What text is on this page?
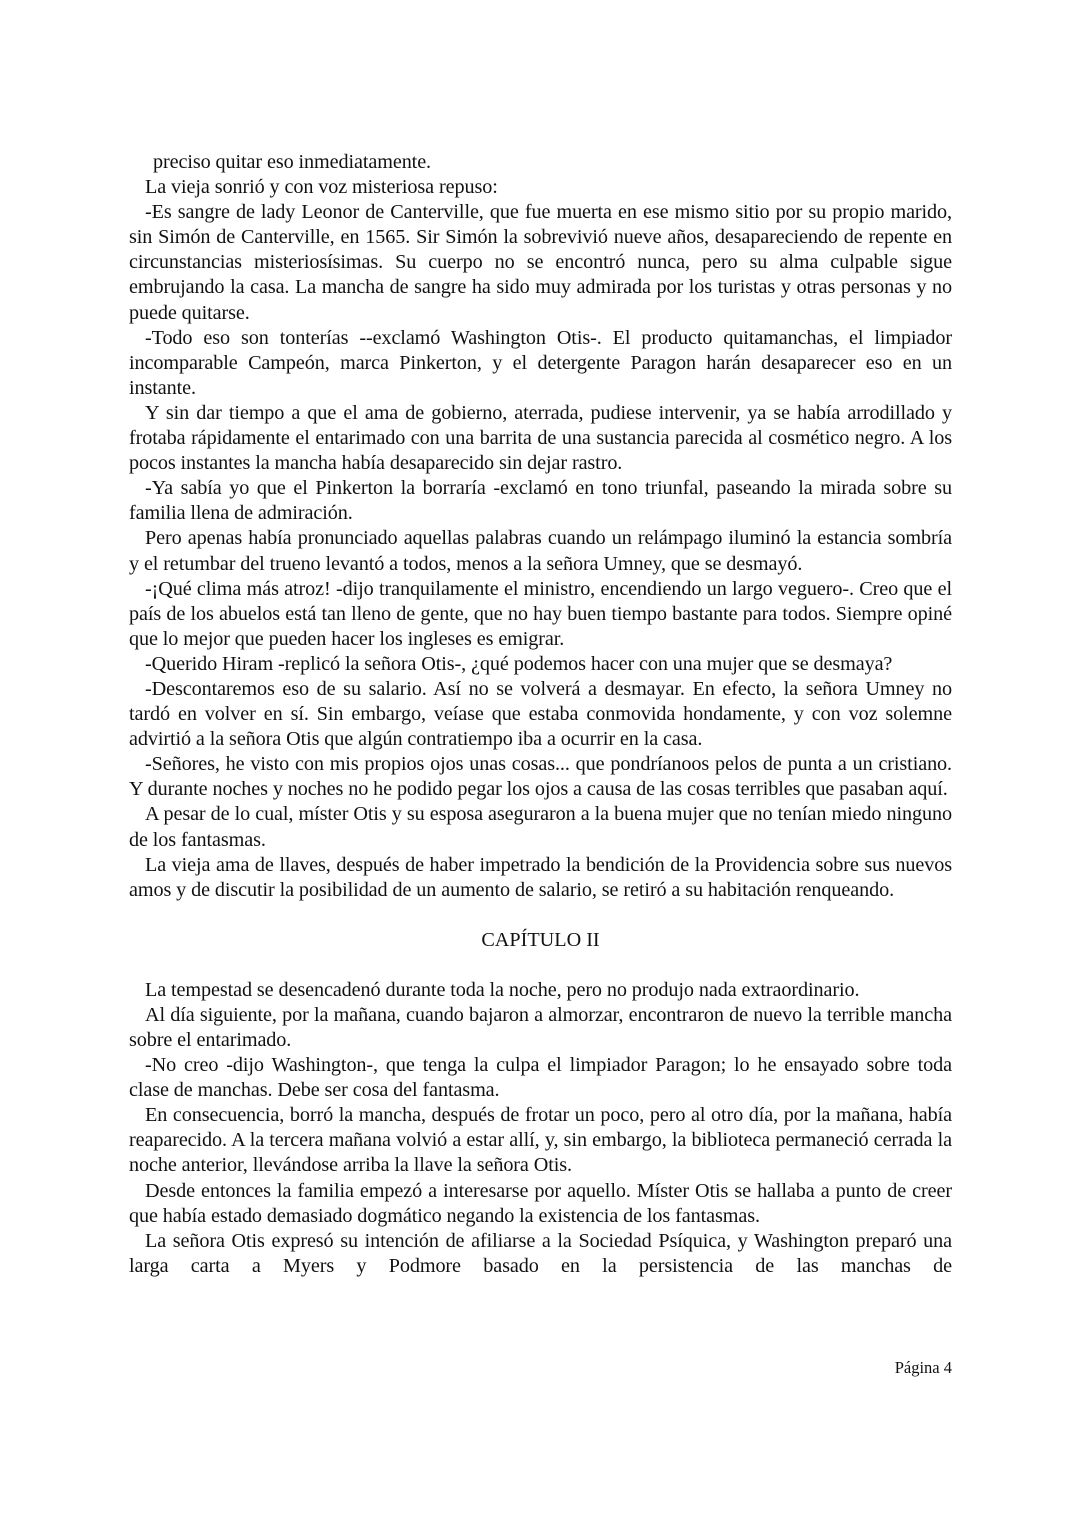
preciso quitar eso inmediatamente.

La vieja sonrió y con voz misteriosa repuso:

-Es sangre de lady Leonor de Canterville, que fue muerta en ese mismo sitio por su propio marido, sin Simón de Canterville, en 1565. Sir Simón la sobrevivió nueve años, desapareciendo de repente en circunstancias misteriosísimas. Su cuerpo no se encontró nunca, pero su alma culpable sigue embrujando la casa. La mancha de sangre ha sido muy admirada por los turistas y otras personas y no puede quitarse.

-Todo eso son tonterías --exclamó Washington Otis-. El producto quitamanchas, el limpiador incomparable Campeón, marca Pinkerton, y el detergente Paragon harán desaparecer eso en un instante.

Y sin dar tiempo a que el ama de gobierno, aterrada, pudiese intervenir, ya se había arrodillado y frotaba rápidamente el entarimado con una barrita de una sustancia parecida al cosmético negro. A los pocos instantes la mancha había desaparecido sin dejar rastro.

-Ya sabía yo que el Pinkerton la borraría -exclamó en tono triunfal, paseando la mirada sobre su familia llena de admiración.

Pero apenas había pronunciado aquellas palabras cuando un relámpago iluminó la estancia sombría y el retumbar del trueno levantó a todos, menos a la señora Umney, que se desmayó.

-¡Qué clima más atroz! -dijo tranquilamente el ministro, encendiendo un largo veguero-. Creo que el país de los abuelos está tan lleno de gente, que no hay buen tiempo bastante para todos. Siempre opiné que lo mejor que pueden hacer los ingleses es emigrar.

-Querido Hiram -replicó la señora Otis-, ¿qué podemos hacer con una mujer que se desmaya?

-Descontaremos eso de su salario. Así no se volverá a desmayar. En efecto, la señora Umney no tardó en volver en sí. Sin embargo, veíase que estaba conmovida hondamente, y con voz solemne advirtió a la señora Otis que algún contratiempo iba a ocurrir en la casa.

-Señores, he visto con mis propios ojos unas cosas... que pondríanoos pelos de punta a un cristiano. Y durante noches y noches no he podido pegar los ojos a causa de las cosas terribles que pasaban aquí.

A pesar de lo cual, míster Otis y su esposa aseguraron a la buena mujer que no tenían miedo ninguno de los fantasmas.

La vieja ama de llaves, después de haber impetrado la bendición de la Providencia sobre sus nuevos amos y de discutir la posibilidad de un aumento de salario, se retiró a su habitación renqueando.

CAPÍTULO II

La tempestad se desencadenó durante toda la noche, pero no produjo nada extraordinario.

Al día siguiente, por la mañana, cuando bajaron a almorzar, encontraron de nuevo la terrible mancha sobre el entarimado.

-No creo -dijo Washington-, que tenga la culpa el limpiador Paragon; lo he ensayado sobre toda clase de manchas. Debe ser cosa del fantasma.

En consecuencia, borró la mancha, después de frotar un poco, pero al otro día, por la mañana, había reaparecido. A la tercera mañana volvió a estar allí, y, sin embargo, la biblioteca permaneció cerrada la noche anterior, llevándose arriba la llave la señora Otis.

Desde entonces la familia empezó a interesarse por aquello. Míster Otis se hallaba a punto de creer que había estado demasiado dogmático negando la existencia de los fantasmas.

La señora Otis expresó su intención de afiliarse a la Sociedad Psíquica, y Washington preparó una larga carta a Myers y Podmore basado en la persistencia de las manchas de

Página 4
